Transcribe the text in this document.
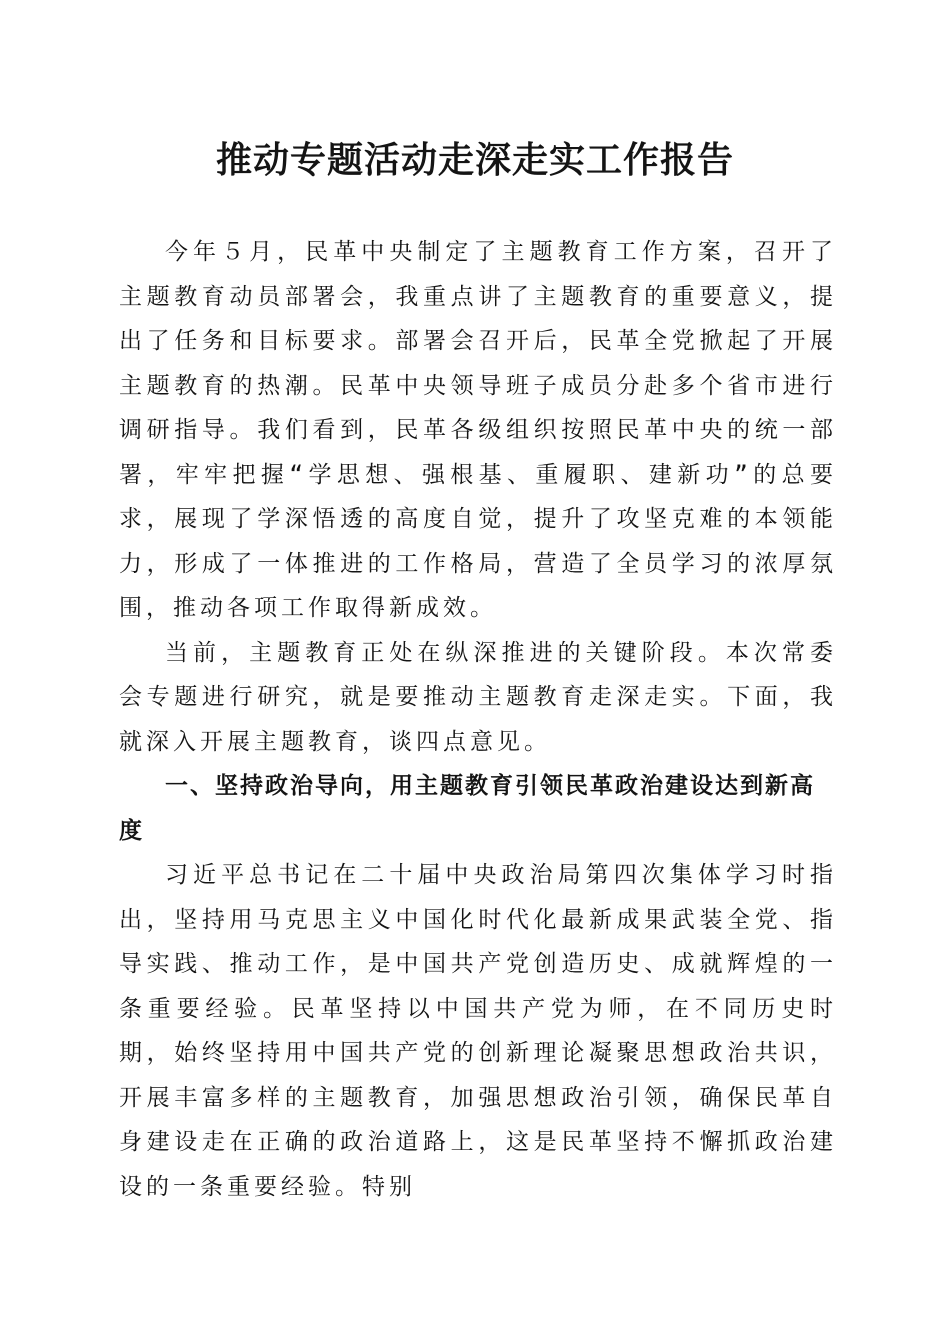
推动专题活动走深走实工作报告

今年５月，民革中央制定了主题教育工作方案，召开了主题教育动员部署会，我重点讲了主题教育的重要意义，提出了任务和目标要求。部署会召开后，民革全党掀起了开展主题教育的热潮。民革中央领导班子成员分赴多个省市进行调研指导。我们看到，民革各级组织按照民革中央的统一部署，牢牢把握“学思想、强根基、重履职、建新功”的总要求，展现了学深悟透的高度自觉，提升了攻坚克难的本领能力，形成了一体推进的工作格局，营造了全员学习的浓厚氛围，推动各项工作取得新成效。

当前，主题教育正处在纵深推进的关键阶段。本次常委会专题进行研究，就是要推动主题教育走深走实。下面，我就深入开展主题教育，谈四点意见。

一、坚持政治导向，用主题教育引领民革政治建设达到新高度

习近平总书记在二十届中央政治局第四次集体学习时指出，坚持用马克思主义中国化时代化最新成果武装全党、指导实践、推动工作，是中国共产党创造历史、成就辉煌的一条重要经验。民革坚持以中国共产党为师，在不同历史时期，始终坚持用中国共产党的创新理论凝聚思想政治共识，开展丰富多样的主题教育，加强思想政治引领，确保民革自身建设走在正确的政治道路上，这是民革坚持不懈抓政治建设的一条重要经验。特别
